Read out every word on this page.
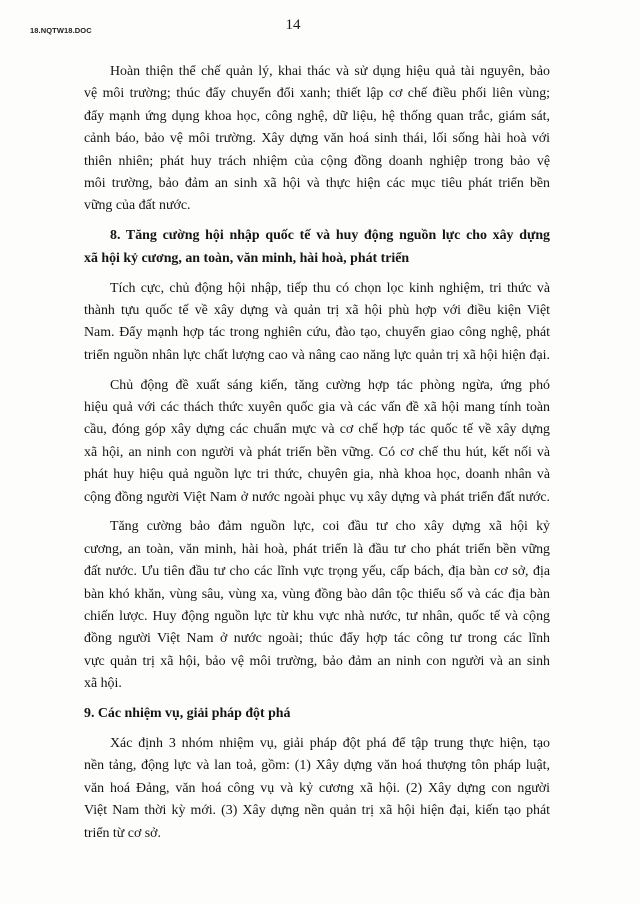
18.NQTW18.DOC	14
Hoàn thiện thể chế quản lý, khai thác và sử dụng hiệu quả tài nguyên, bảo
vệ môi trường; thúc đẩy chuyển đổi xanh; thiết lập cơ chế điều phối liên vùng;
đẩy mạnh ứng dụng khoa học, công nghệ, dữ liệu, hệ thống quan trắc, giám sát,
cảnh báo, bảo vệ môi trường. Xây dựng văn hoá sinh thái, lối sống hài hoà với
thiên nhiên; phát huy trách nhiệm của cộng đồng doanh nghiệp trong bảo vệ
môi trường, bảo đảm an sinh xã hội và thực hiện các mục tiêu phát triển bền
vững của đất nước.
8. Tăng cường hội nhập quốc tế và huy động nguồn lực cho xây dựng
xã hội kỷ cương, an toàn, văn minh, hài hoà, phát triển
Tích cực, chủ động hội nhập, tiếp thu có chọn lọc kinh nghiệm, tri thức và
thành tựu quốc tế về xây dựng và quản trị xã hội phù hợp với điều kiện Việt
Nam. Đẩy mạnh hợp tác trong nghiên cứu, đào tạo, chuyển giao công nghệ, phát
triển nguồn nhân lực chất lượng cao và nâng cao năng lực quản trị xã hội hiện đại.
Chủ động đề xuất sáng kiến, tăng cường hợp tác phòng ngừa, ứng phó
hiệu quả với các thách thức xuyên quốc gia và các vấn đề xã hội mang tính toàn
cầu, đóng góp xây dựng các chuẩn mực và cơ chế hợp tác quốc tế về xây dựng
xã hội, an ninh con người và phát triển bền vững. Có cơ chế thu hút, kết nối và
phát huy hiệu quả nguồn lực tri thức, chuyên gia, nhà khoa học, doanh nhân và
cộng đồng người Việt Nam ở nước ngoài phục vụ xây dựng và phát triển đất nước.
Tăng cường bảo đảm nguồn lực, coi đầu tư cho xây dựng xã hội kỷ
cương, an toàn, văn minh, hài hoà, phát triển là đầu tư cho phát triển bền vững
đất nước. Ưu tiên đầu tư cho các lĩnh vực trọng yếu, cấp bách, địa bàn cơ sở, địa
bàn khó khăn, vùng sâu, vùng xa, vùng đồng bào dân tộc thiểu số và các địa bàn
chiến lược. Huy động nguồn lực từ khu vực nhà nước, tư nhân, quốc tế và cộng
đồng người Việt Nam ở nước ngoài; thúc đẩy hợp tác công tư trong các lĩnh
vực quản trị xã hội, bảo vệ môi trường, bảo đảm an ninh con người và an sinh
xã hội.
9. Các nhiệm vụ, giải pháp đột phá
Xác định 3 nhóm nhiệm vụ, giải pháp đột phá để tập trung thực hiện, tạo
nền tảng, động lực và lan toả, gồm: (1) Xây dựng văn hoá thượng tôn pháp luật,
văn hoá Đảng, văn hoá công vụ và kỷ cương xã hội. (2) Xây dựng con người
Việt Nam thời kỳ mới. (3) Xây dựng nền quản trị xã hội hiện đại, kiến tạo phát
triển từ cơ sở.
